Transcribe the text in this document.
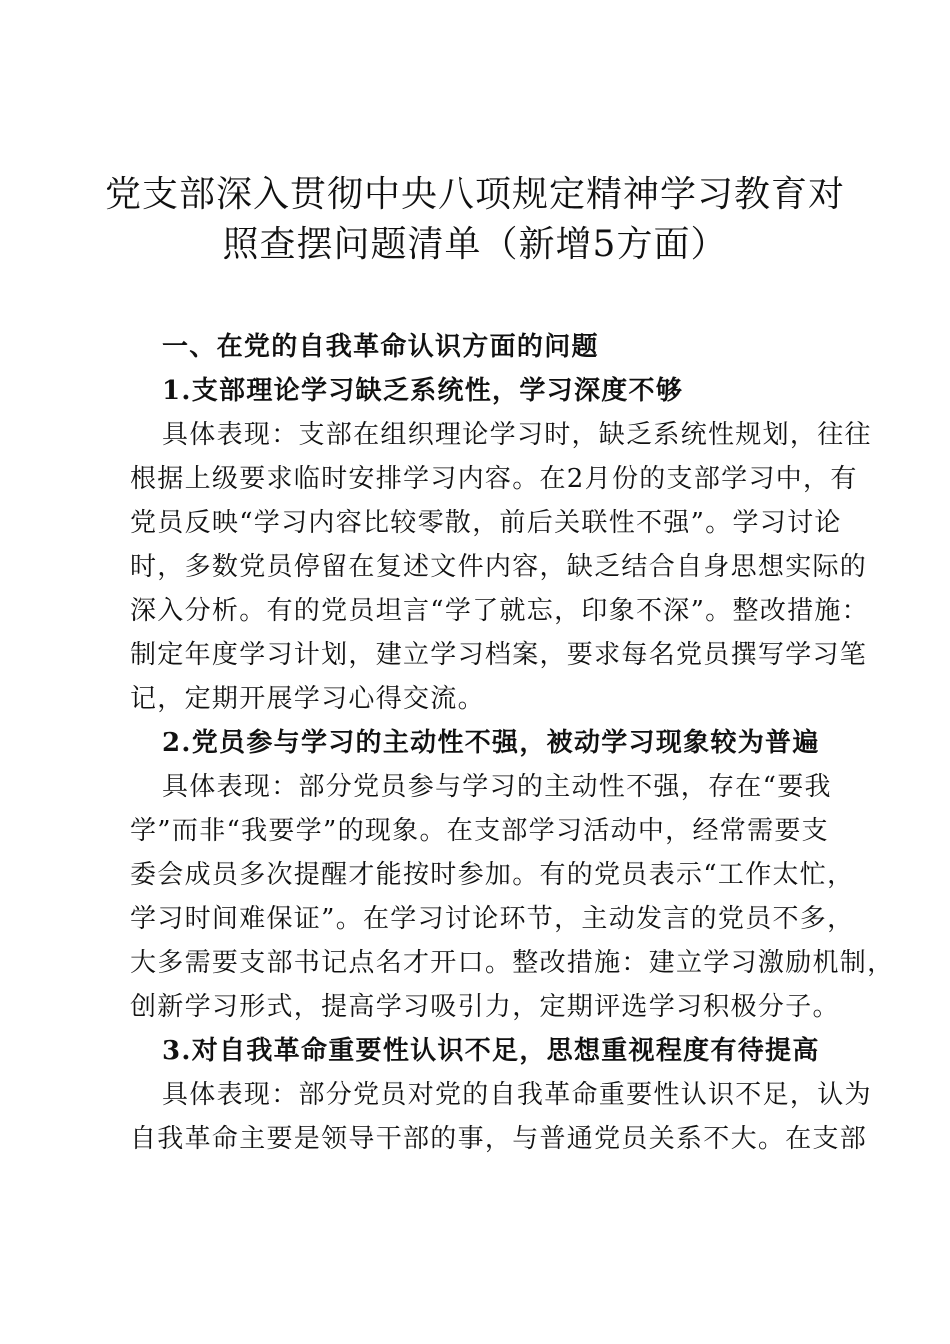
党支部深入贯彻中央八项规定精神学习教育对
照查摆问题清单（新增5方面）
一、在党的自我革命认识方面的问题
1.支部理论学习缺乏系统性，学习深度不够
具体表现：支部在组织理论学习时，缺乏系统性规划，往往
根据上级要求临时安排学习内容。在2月份的支部学习中，有
党员反映“学习内容比较零散，前后关联性不强”。学习讨论
时，多数党员停留在复述文件内容，缺乏结合自身思想实际的
深入分析。有的党员坦言“学了就忘，印象不深”。整改措施：
制定年度学习计划，建立学习档案，要求每名党员撰写学习笔
记，定期开展学习心得交流。
2.党员参与学习的主动性不强，被动学习现象较为普遍
具体表现：部分党员参与学习的主动性不强，存在“要我
学”而非“我要学”的现象。在支部学习活动中，经常需要支
委会成员多次提醒才能按时参加。有的党员表示“工作太忙，
学习时间难保证”。在学习讨论环节，主动发言的党员不多，
大多需要支部书记点名才开口。整改措施：建立学习激励机制，
创新学习形式，提高学习吸引力，定期评选学习积极分子。
3.对自我革命重要性认识不足，思想重视程度有待提高
具体表现：部分党员对党的自我革命重要性认识不足，认为
自我革命主要是领导干部的事，与普通党员关系不大。在支部
